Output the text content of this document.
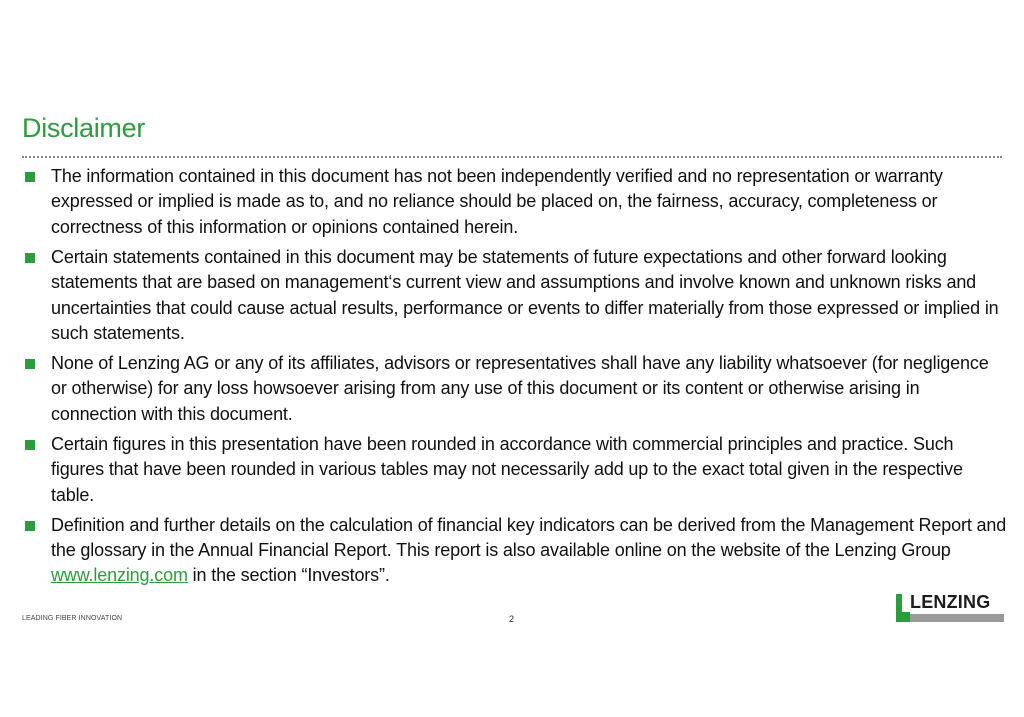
Disclaimer
The information contained in this document has not been independently verified and no representation or warranty expressed or implied is made as to, and no reliance should be placed on, the fairness, accuracy, completeness or correctness of this information or opinions contained herein.
Certain statements contained in this document may be statements of future expectations and other forward looking statements that are based on management‘s current view and assumptions and involve known and unknown risks and uncertainties that could cause actual results, performance or events to differ materially from those expressed or implied in such statements.
None of Lenzing AG or any of its affiliates, advisors or representatives shall have any liability whatsoever (for negligence or otherwise) for any loss howsoever arising from any use of this document or its content or otherwise arising in connection with this document.
Certain figures in this presentation have been rounded in accordance with commercial principles and practice. Such figures that have been rounded in various tables may not necessarily add up to the exact total given in the respective table.
Definition and further details on the calculation of financial key indicators can be derived from the Management Report and the glossary in the Annual Financial Report. This report is also available online on the website of the Lenzing Group www.lenzing.com in the section “Investors”.
LEADING FIBER INNOVATION	2
LENZING
